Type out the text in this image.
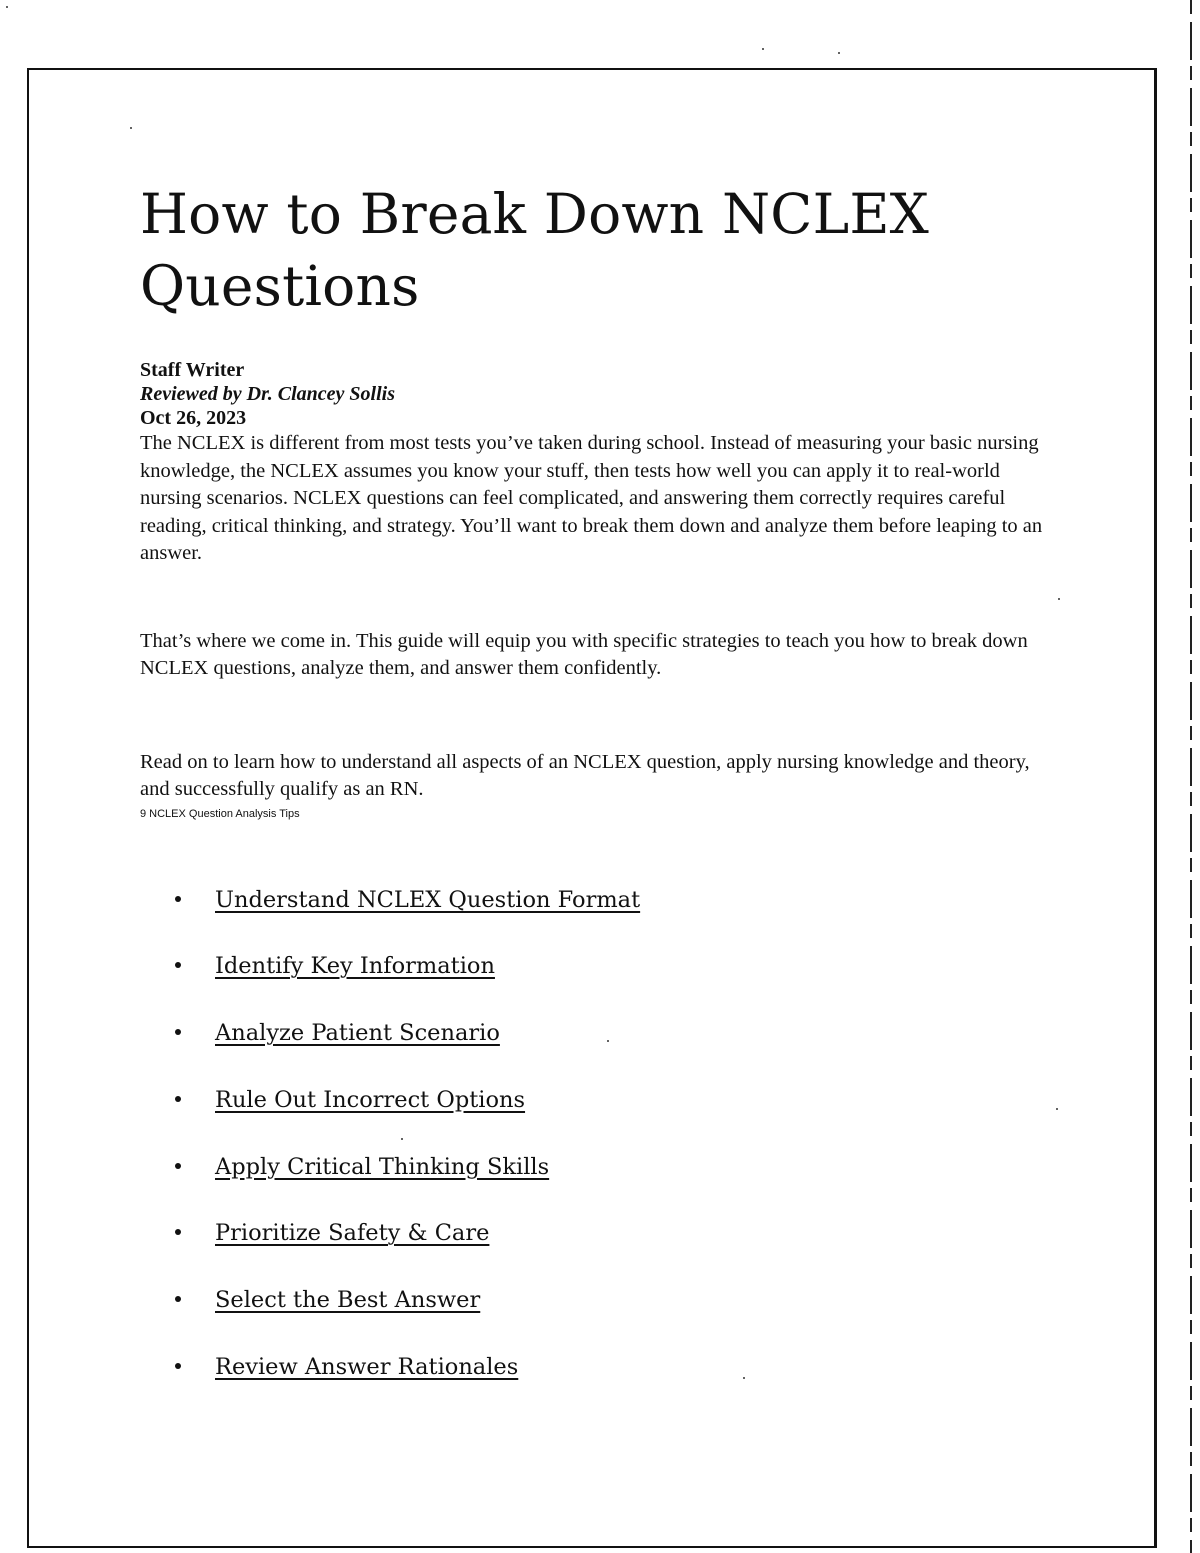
How to Break Down NCLEX
Questions
Staff Writer
Reviewed by Dr. Clancey Sollis
Oct 26, 2023

The NCLEX is different from most tests you’ve taken during school. Instead of measuring your basic nursing knowledge, the NCLEX assumes you know your stuff, then tests how well you can apply it to real-world nursing scenarios. NCLEX questions can feel complicated, and answering them correctly requires careful reading, critical thinking, and strategy. You’ll want to break them down and analyze them before leaping to an answer.

That’s where we come in. This guide will equip you with specific strategies to teach you how to break down NCLEX questions, analyze them, and answer them confidently.

Read on to learn how to understand all aspects of an NCLEX question, apply nursing knowledge and theory, and successfully qualify as an RN.

9 NCLEX Question Analysis Tips
Understand NCLEX Question Format
Identify Key Information
Analyze Patient Scenario
Rule Out Incorrect Options
Apply Critical Thinking Skills
Prioritize Safety & Care
Select the Best Answer
Review Answer Rationales
